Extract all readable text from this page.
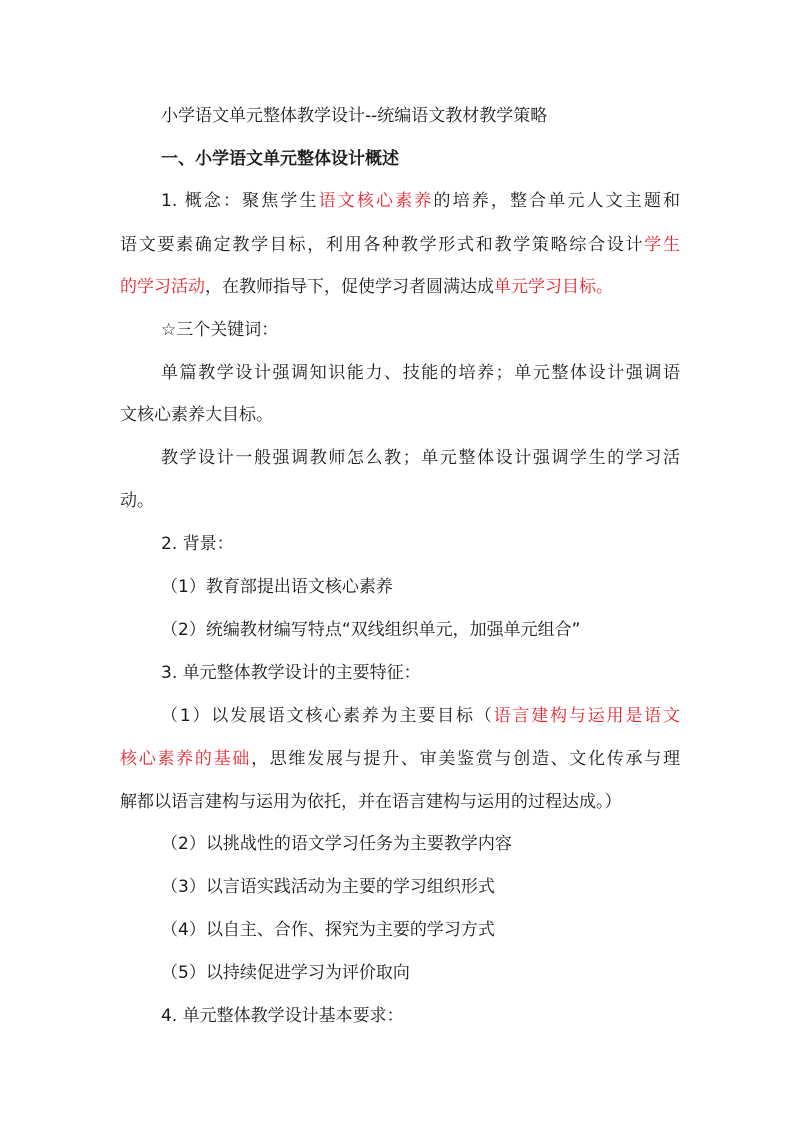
小学语文单元整体教学设计--统编语文教材教学策略
一、小学语文单元整体设计概述
1. 概念：聚焦学生语文核心素养的培养，整合单元人文主题和
语文要素确定教学目标，利用各种教学形式和教学策略综合设计学生
的学习活动，在教师指导下，促使学习者圆满达成单元学习目标。
☆三个关键词：
单篇教学设计强调知识能力、技能的培养；单元整体设计强调语
文核心素养大目标。
教学设计一般强调教师怎么教；单元整体设计强调学生的学习活
动。
2. 背景：
（1）教育部提出语文核心素养
（2）统编教材编写特点“双线组织单元，加强单元组合”
3. 单元整体教学设计的主要特征：
（1）以发展语文核心素养为主要目标（语言建构与运用是语文
核心素养的基础，思维发展与提升、审美鉴赏与创造、文化传承与理
解都以语言建构与运用为依托，并在语言建构与运用的过程达成。）
（2）以挑战性的语文学习任务为主要教学内容
（3）以言语实践活动为主要的学习组织形式
（4）以自主、合作、探究为主要的学习方式
（5）以持续促进学习为评价取向
4. 单元整体教学设计基本要求：
